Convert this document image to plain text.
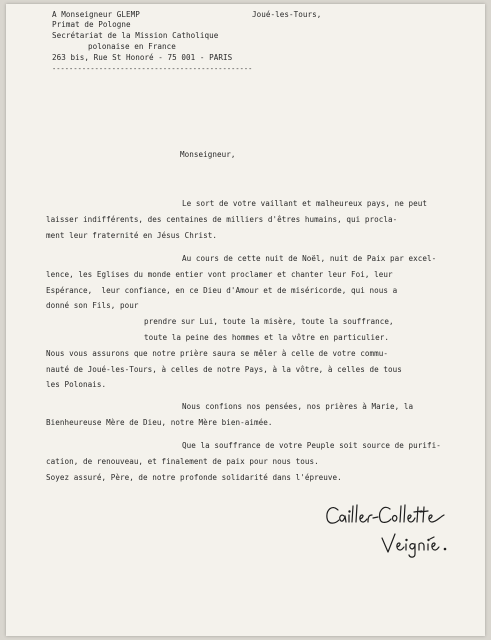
A Monseigneur GLEMP
Primat de Pologne
Secrétariat de la Mission Catholique
polonaise en France
263 bis, Rue St Honoré - 75 001 - PARIS
-----------------------------------------------
Joué-les-Tours,
Monseigneur,
Le sort de votre vaillant et malheureux pays, ne peut
laisser indifférents, des centaines de milliers d'êtres humains, qui procla-
ment leur fraternité en Jésus Christ.
Au cours de cette nuit de Noël, nuit de Paix par excel-
lence, les Eglises du monde entier vont proclamer et chanter leur Foi, leur
Espérance,  leur confiance, en ce Dieu d'Amour et de miséricorde, qui nous a
donné son Fils, pour
prendre sur Lui, toute la misère, toute la souffrance,
toute la peine des hommes et la vôtre en particulier.
Nous vous assurons que notre prière saura se mêler à celle de votre commu-
nauté de Joué-les-Tours, à celles de notre Pays, à la vôtre, à celles de tous
les Polonais.
Nous confions nos pensées, nos prières à Marie, la
Bienheureuse Mère de Dieu, notre Mère bien-aimée.
Que la souffrance de votre Peuple soit source de purifi-
cation, de renouveau, et finalement de paix pour nous tous.
Soyez assuré, Père, de notre profonde solidarité dans l'épreuve.
